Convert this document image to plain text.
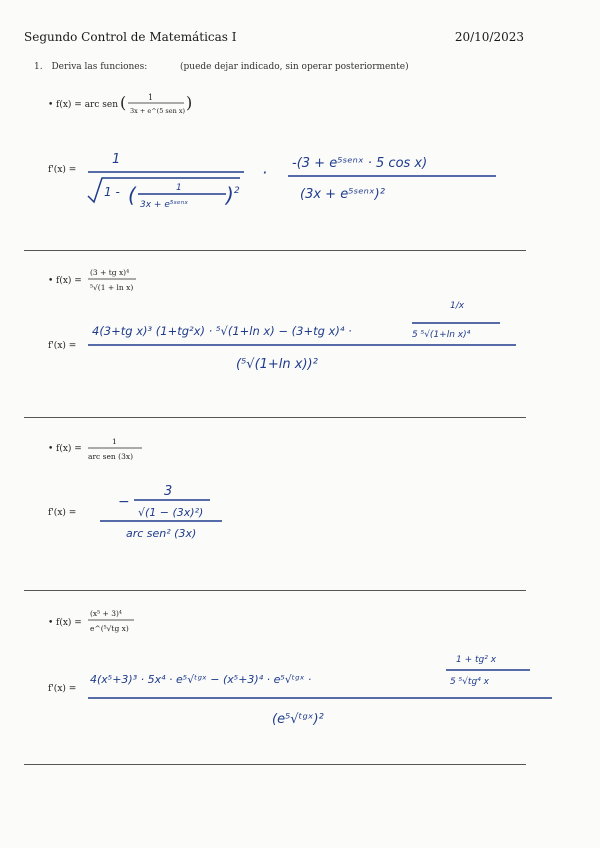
Segundo Control de Matemáticas I	20/10/2023
1. Deriva las funciones:	(puede dejar indicado, sin operar posteriormente)
•
•
•
•
f'(x) =
f'(x) =
f'(x) =
f'(x) =
f(x) = arc sen (	1
3x + e^(5 sen x) )
1
1 - (	1
3x + e⁵ˢᵉⁿˣ ) 2
· -(3 + e⁵ˢᵉⁿˣ · 5 cos x)
(3x + e⁵ˢᵉⁿˣ)²
f(x) =
(3 + tg x)⁴
⁵√(1 + ln x)
4(3+tg x)³ (1+tg²x) · ⁵√(1+ln x) − (3+tg x)⁴ ·
1/x
5 ⁵√(1+ln x)⁴
(⁵√(1+ln x))²
f(x) =
1
arc sen (3x)
−
3
√(1 − (3x)²)
arc sen² (3x)
f(x) =
(x⁵ + 3)⁴
e^(⁵√tg x)
4(x⁵+3)³ · 5x⁴ · e⁵√ᵗᵍˣ − (x⁵+3)⁴ · e⁵√ᵗᵍˣ ·
1 + tg² x
5 ⁵√tg⁴ x
(e⁵√ᵗᵍˣ)²
